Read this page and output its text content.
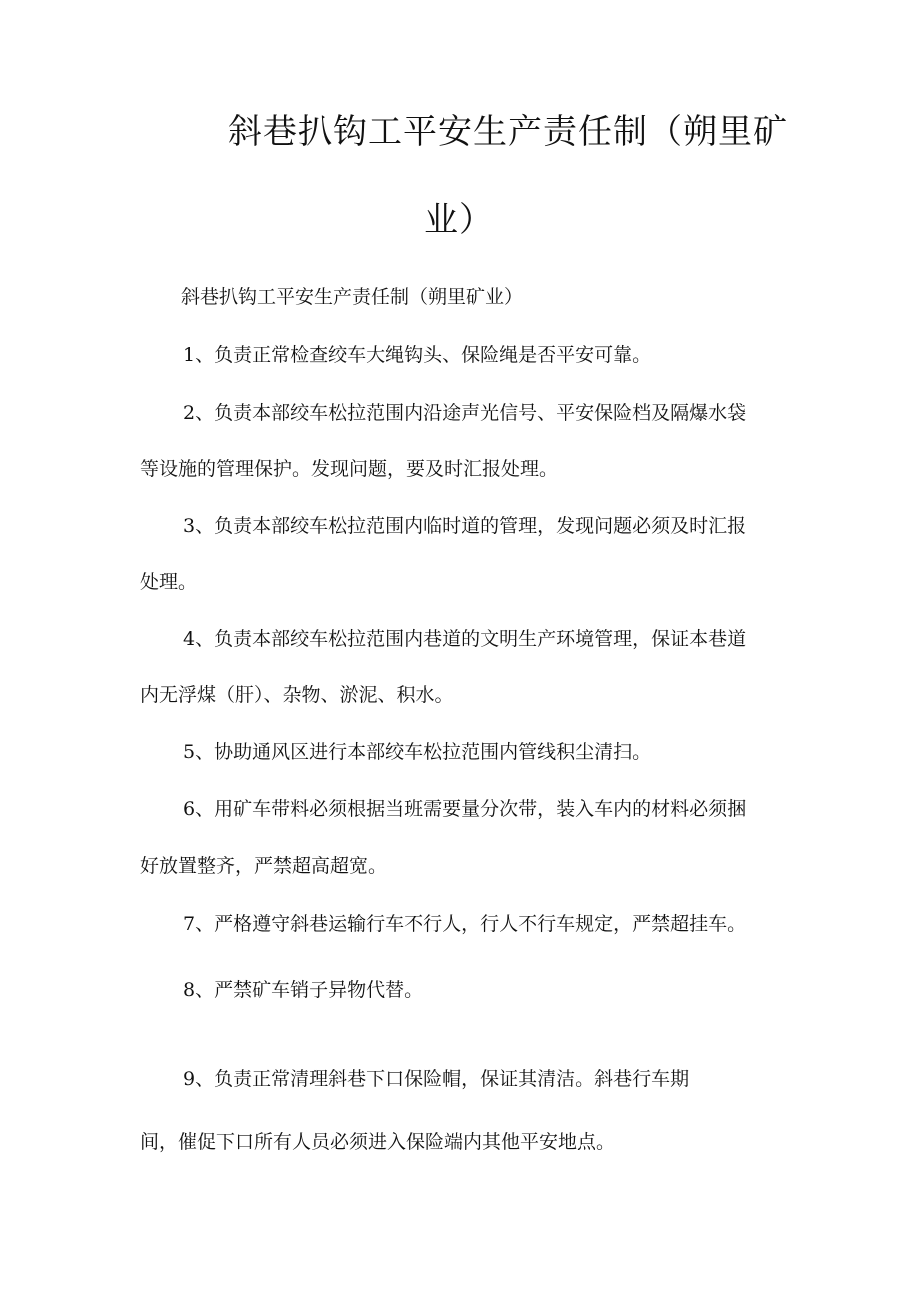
斜巷扒钩工平安生产责任制（朔里矿
业）

斜巷扒钩工平安生产责任制（朔里矿业）

1、负责正常检查绞车大绳钩头、保险绳是否平安可靠。

2、负责本部绞车松拉范围内沿途声光信号、平安保险档及隔爆水袋

等设施的管理保护。发现问题，要及时汇报处理。

3、负责本部绞车松拉范围内临时道的管理，发现问题必须及时汇报

处理。

4、负责本部绞车松拉范围内巷道的文明生产环境管理，保证本巷道

内无浮煤（肝）、杂物、淤泥、积水。

5、协助通风区进行本部绞车松拉范围内管线积尘清扫。

6、用矿车带料必须根据当班需要量分次带，装入车内的材料必须捆

好放置整齐，严禁超高超宽。

7、严格遵守斜巷运输行车不行人，行人不行车规定，严禁超挂车。

8、严禁矿车销子异物代替。

9、负责正常清理斜巷下口保险帽，保证其清洁。斜巷行车期

间，催促下口所有人员必须进入保险端内其他平安地点。
